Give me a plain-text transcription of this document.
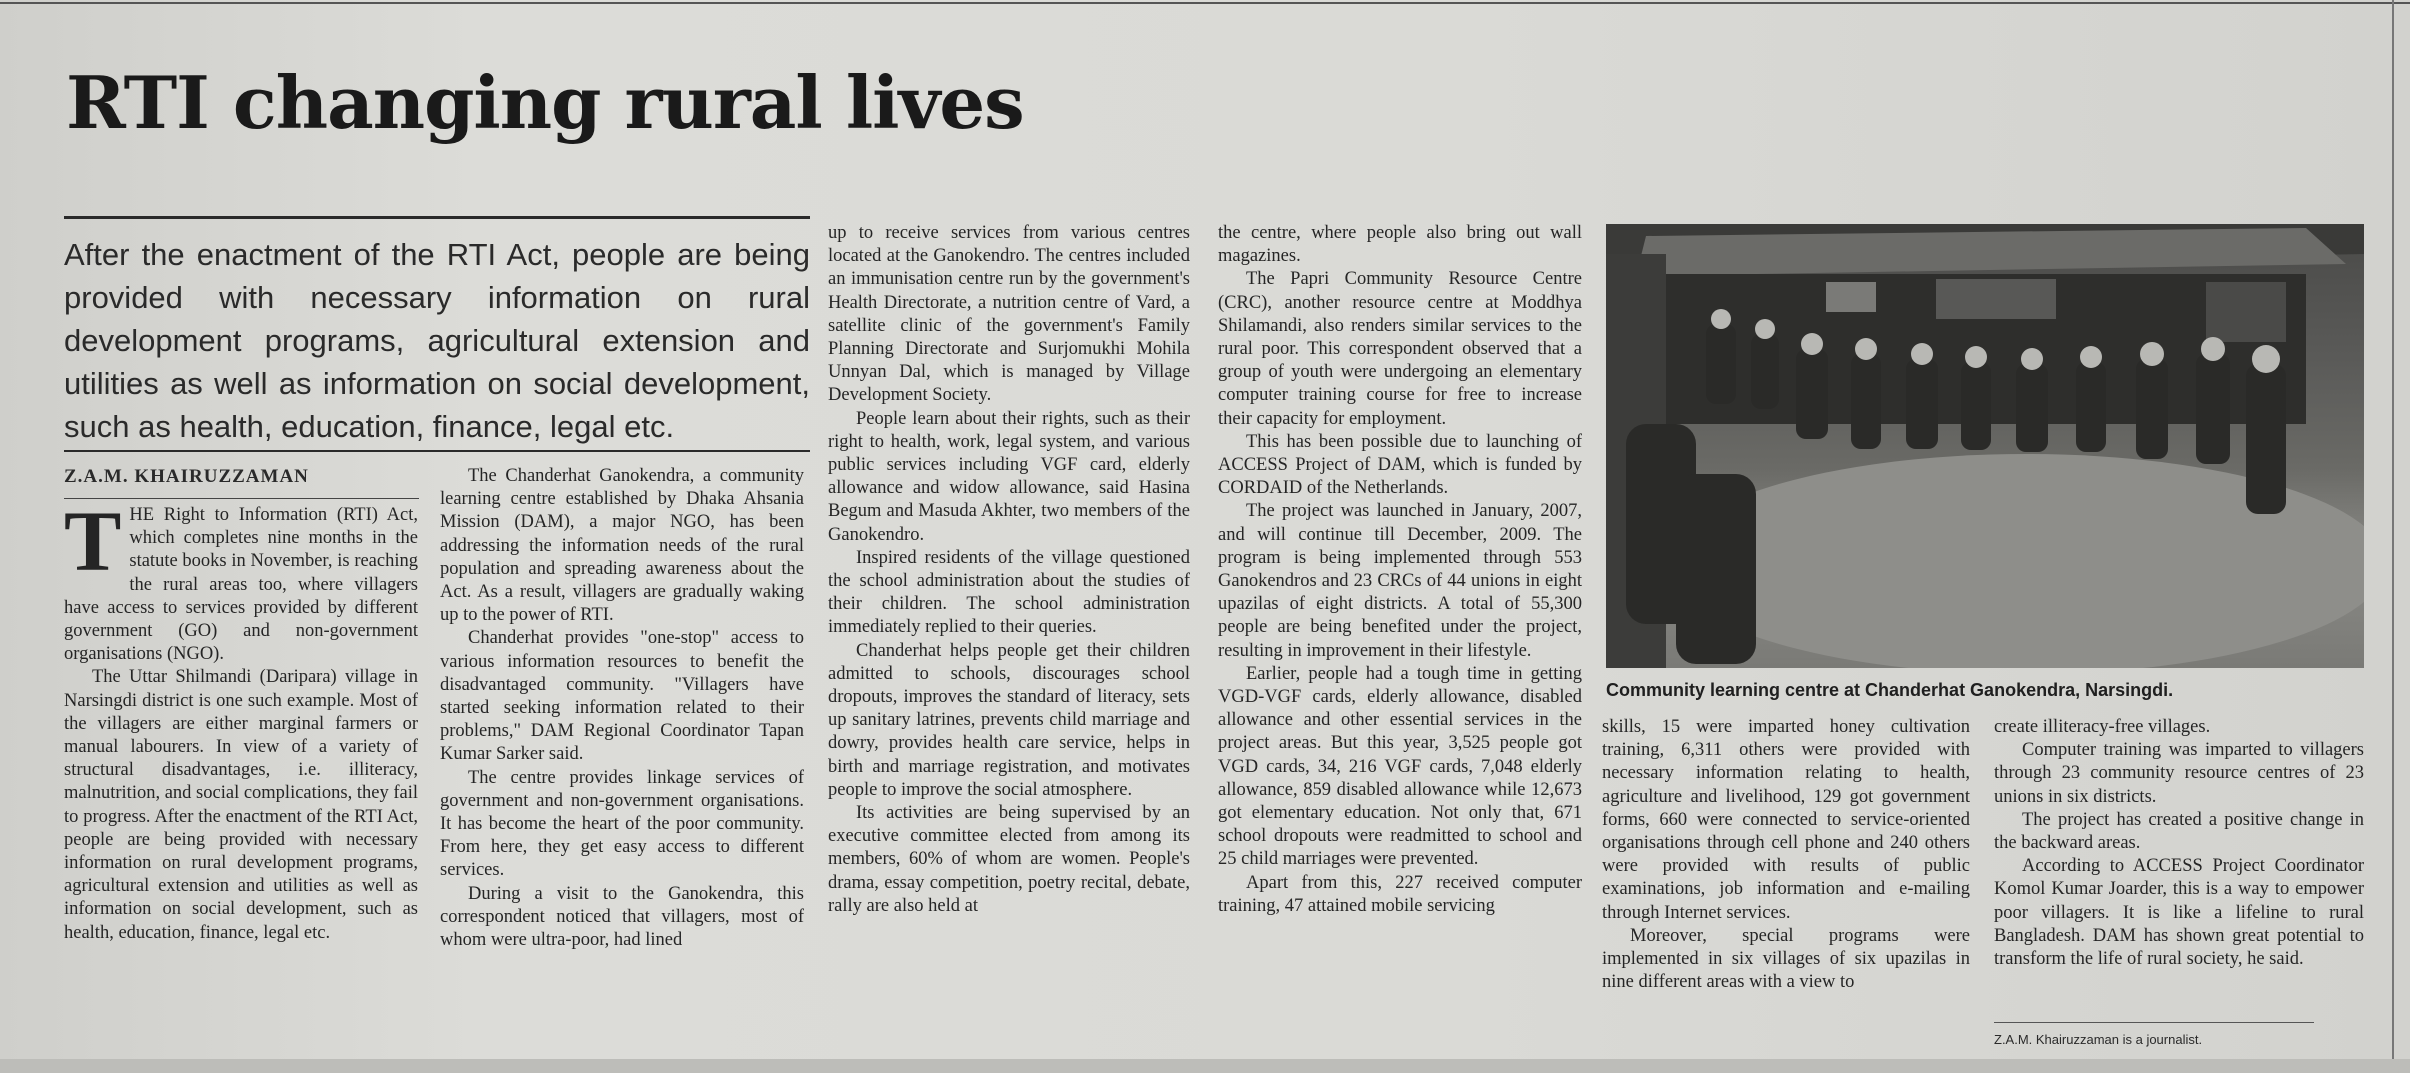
RTI changing rural lives

After the enactment of the RTI Act, people are being provided with necessary information on rural development programs, agricultural extension and utilities as well as information on social development, such as health, education, finance, legal etc.

Z.A.M. KHAIRUZZAMAN

THE Right to Information (RTI) Act, which completes nine months in the statute books in November, is reaching the rural areas too, where villagers have access to services provided by different government (GO) and non-government organisations (NGO).

The Uttar Shilmandi (Daripara) village in Narsingdi district is one such example. Most of the villagers are either marginal farmers or manual labourers. In view of a variety of structural disadvantages, i.e. illiteracy, malnutrition, and social complications, they fail to progress. After the enactment of the RTI Act, people are being provided with necessary information on rural development programs, agricultural extension and utilities as well as information on social development, such as health, education, finance, legal etc.

The Chanderhat Ganokendra, a community learning centre established by Dhaka Ahsania Mission (DAM), a major NGO, has been addressing the information needs of the rural population and spreading awareness about the Act. As a result, villagers are gradually waking up to the power of RTI.

Chanderhat provides "one-stop" access to various information resources to benefit the disadvantaged community. "Villagers have started seeking information related to their problems," DAM Regional Coordinator Tapan Kumar Sarker said.

The centre provides linkage services of government and non-government organisations. It has become the heart of the poor community. From here, they get easy access to different services.

During a visit to the Ganokendra, this correspondent noticed that villagers, most of whom were ultra-poor, had lined

up to receive services from various centres located at the Ganokendro. The centres included an immunisation centre run by the government's Health Directorate, a nutrition centre of Vard, a satellite clinic of the government's Family Planning Directorate and Surjomukhi Mohila Unnyan Dal, which is managed by Village Development Society.

People learn about their rights, such as their right to health, work, legal system, and various public services including VGF card, elderly allowance and widow allowance, said Hasina Begum and Masuda Akhter, two members of the Ganokendro.

Inspired residents of the village questioned the school administration about the studies of their children. The school administration immediately replied to their queries.

Chanderhat helps people get their children admitted to schools, discourages school dropouts, improves the standard of literacy, sets up sanitary latrines, prevents child marriage and dowry, provides health care service, helps in birth and marriage registration, and motivates people to improve the social atmosphere.

Its activities are being supervised by an executive committee elected from among its members, 60% of whom are women. People's drama, essay competition, poetry recital, debate, rally are also held at

the centre, where people also bring out wall magazines.

The Papri Community Resource Centre (CRC), another resource centre at Moddhya Shilamandi, also renders similar services to the rural poor. This correspondent observed that a group of youth were undergoing an elementary computer training course for free to increase their capacity for employment.

This has been possible due to launching of ACCESS Project of DAM, which is funded by CORDAID of the Netherlands.

The project was launched in January, 2007, and will continue till December, 2009. The program is being implemented through 553 Ganokendros and 23 CRCs of 44 unions in eight upazilas of eight districts. A total of 55,300 people are being benefited under the project, resulting in improvement in their lifestyle.

Earlier, people had a tough time in getting VGD-VGF cards, elderly allowance, disabled allowance and other essential services in the project areas. But this year, 3,525 people got VGD cards, 34, 216 VGF cards, 7,048 elderly allowance, 859 disabled allowance while 12,673 got elementary education. Not only that, 671 school dropouts were readmitted to school and 25 child marriages were prevented.

Apart from this, 227 received computer training, 47 attained mobile servicing

Community learning centre at Chanderhat Ganokendra, Narsingdi.

skills, 15 were imparted honey cultivation training, 6,311 others were provided with necessary information relating to health, agriculture and livelihood, 129 got government forms, 660 were connected to service-oriented organisations through cell phone and 240 others were provided with results of public examinations, job information and e-mailing through Internet services.

Moreover, special programs were implemented in six villages of six upazilas in nine different areas with a view to

create illiteracy-free villages.

Computer training was imparted to villagers through 23 community resource centres of 23 unions in six districts.

The project has created a positive change in the backward areas.

According to ACCESS Project Coordinator Komol Kumar Joarder, this is a way to empower poor villagers. It is like a lifeline to rural Bangladesh. DAM has shown great potential to transform the life of rural society, he said.

Z.A.M. Khairuzzaman is a journalist.
